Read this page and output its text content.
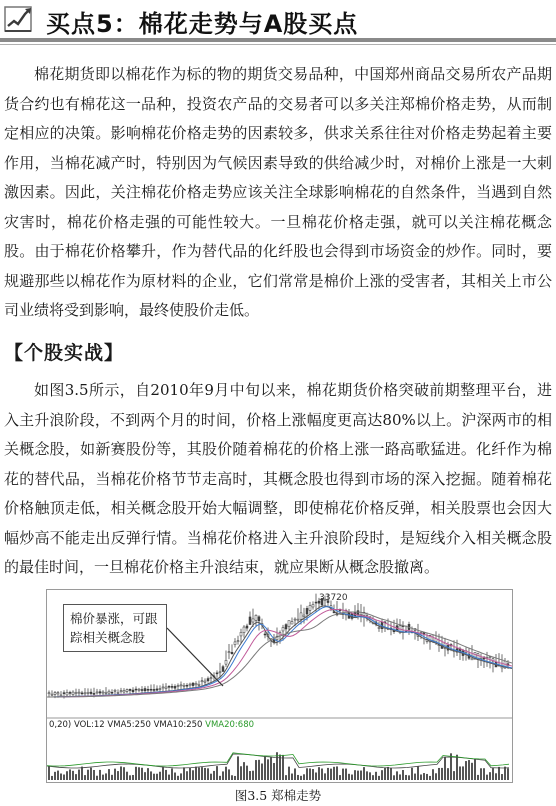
买点5：棉花走势与A股买点

棉花期货即以棉花作为标的物的期货交易品种，中国郑州商品交易所农产品期货合约也有棉花这一品种，投资农产品的交易者可以多关注郑棉价格走势，从而制定相应的决策。影响棉花价格走势的因素较多，供求关系往往对价格走势起着主要作用，当棉花减产时，特别因为气候因素导致的供给减少时，对棉价上涨是一大刺激因素。因此，关注棉花价格走势应该关注全球影响棉花的自然条件，当遇到自然灾害时，棉花价格走强的可能性较大。一旦棉花价格走强，就可以关注棉花概念股。由于棉花价格攀升，作为替代品的化纤股也会得到市场资金的炒作。同时，要规避那些以棉花作为原材料的企业，它们常常是棉价上涨的受害者，其相关上市公司业绩将受到影响，最终使股价走低。

【个股实战】

如图3.5所示，自2010年9月中旬以来，棉花期货价格突破前期整理平台，进入主升浪阶段，不到两个月的时间，价格上涨幅度更高达80%以上。沪深两市的相关概念股，如新赛股份等，其股价随着棉花的价格上涨一路高歌猛进。化纤作为棉花的替代品，当棉花价格节节走高时，其概念股也得到市场的深入挖掘。随着棉花价格触顶走低，相关概念股开始大幅调整，即使棉花价格反弹，相关股票也会因大幅炒高不能走出反弹行情。当棉花价格进入主升浪阶段时，是短线介入相关概念股的最佳时间，一旦棉花价格主升浪结束，就应果断从概念股撤离。

棉价暴涨，可跟踪相关概念股
33720
0,20) VOL:12 VMA5:250 VMA10:250 VMA20:680
图3.5 郑棉走势
